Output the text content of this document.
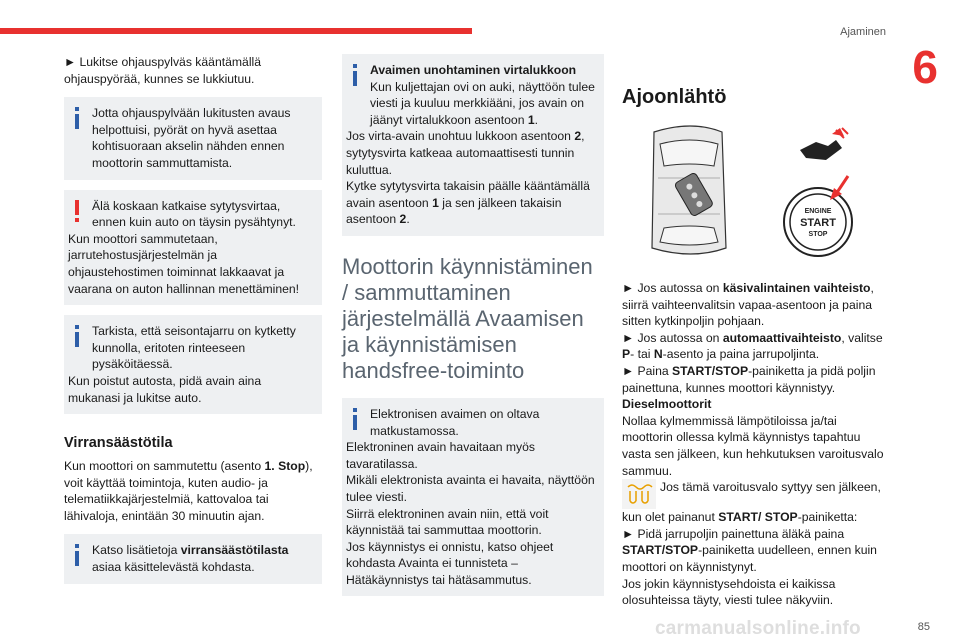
Ajaminen
6

► Lukitse ohjauspylväs kääntämällä ohjauspyörää, kunnes se lukkiutuu.

Jotta ohjauspylvään lukitusten avaus helpottuisi, pyörät on hyvä asettaa kohtisuoraan akselin nähden ennen moottorin sammuttamista.

Älä koskaan katkaise sytytysvirtaa, ennen kuin auto on täysin pysähtynyt.

Kun moottori sammutetaan, jarrutehostusjärjestelmän ja ohjaustehostimen toiminnat lakkaavat ja vaarana on auton hallinnan menettäminen!

Tarkista, että seisontajarru on kytketty kunnolla, eritoten rinteeseen pysäköitäessä.

Kun poistut autosta, pidä avain aina mukanasi ja lukitse auto.

Virransäästötila

Kun moottori on sammutettu (asento 1. Stop), voit käyttää toimintoja, kuten audio- ja telematiikkajärjestelmiä, kattovaloa tai lähivaloja, enintään 30 minuutin ajan.

Katso lisätietoja virransäästötilasta asiaa käsittelevästä kohdasta.

Avaimen unohtaminen virtalukkoon

Kun kuljettajan ovi on auki, näyttöön tulee viesti ja kuuluu merkkiääni, jos avain on jäänyt virtalukkoon asentoon 1.

Jos virta-avain unohtuu lukkoon asentoon 2, sytytysvirta katkeaa automaattisesti tunnin kuluttua.

Kytke sytytysvirta takaisin päälle kääntämällä avain asentoon 1 ja sen jälkeen takaisin asentoon 2.

Moottorin käynnistäminen / sammuttaminen järjestelmällä Avaamisen ja käynnistämisen handsfree-toiminto

Elektronisen avaimen on oltava matkustamossa.

Elektroninen avain havaitaan myös tavaratilassa.

Mikäli elektronista avainta ei havaita, näyttöön tulee viesti.

Siirrä elektroninen avain niin, että voit käynnistää tai sammuttaa moottorin.

Jos käynnistys ei onnistu, katso ohjeet kohdasta Avainta ei tunnisteta – Hätäkäynnistys tai hätäsammutus.

Ajoonlähtö
ENGINE
START
STOP

► Jos autossa on käsivalintainen vaihteisto, siirrä vaihteenvalitsin vapaa-asentoon ja paina sitten kytkinpoljin pohjaan.

► Jos autossa on automaattivaihteisto, valitse P- tai N-asento ja paina jarrupoljinta.

► Paina START/STOP-painiketta ja pidä poljin painettuna, kunnes moottori käynnistyy.

Dieselmoottorit

Nollaa kylmemmissä lämpötiloissa ja/tai moottorin ollessa kylmä käynnistys tapahtuu vasta sen jälkeen, kun hehkutuksen varoitusvalo sammuu.

Jos tämä varoitusvalo syttyy sen jälkeen, kun olet painanut START/ STOP-painiketta:

► Pidä jarrupoljin painettuna äläkä paina START/STOP-painiketta uudelleen, ennen kuin moottori on käynnistynyt.

Jos jokin käynnistysehdoista ei kaikissa olosuhteissa täyty, viesti tulee näkyviin.

carmanualsonline.info	85
